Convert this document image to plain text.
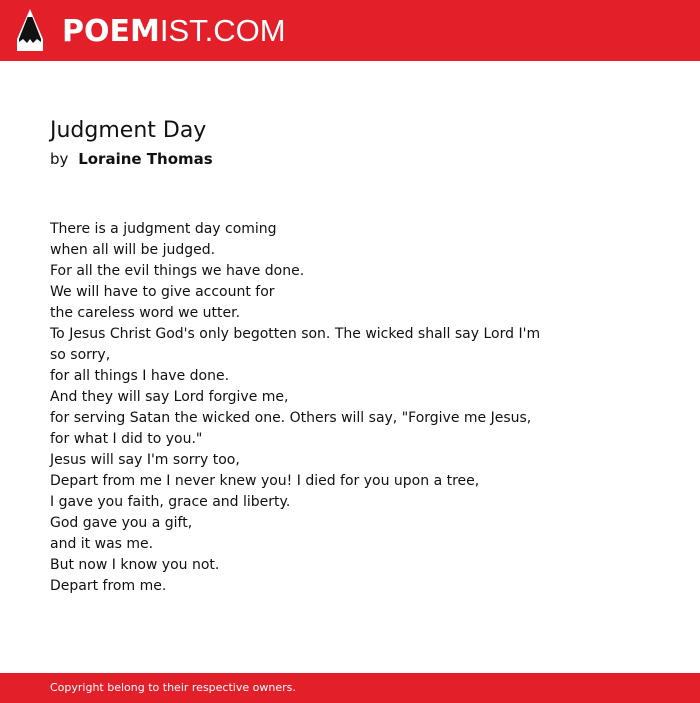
POEMIST.COM
Judgment Day
by Loraine Thomas
There is a judgment day coming
when all will be judged.
For all the evil things we have done.
We will have to give account for
the careless word we utter.
To Jesus Christ God's only begotten son. The wicked shall say Lord I'm so sorry,
for all things I have done.
And they will say Lord forgive me,
for serving Satan the wicked one. Others will say, "Forgive me Jesus,
for what I did to you."
Jesus will say I'm sorry too,
Depart from me I never knew you! I died for you upon a tree,
I gave you faith, grace and liberty.
God gave you a gift,
and it was me.
But now I know you not.
Depart from me.
Copyright belong to their respective owners.
